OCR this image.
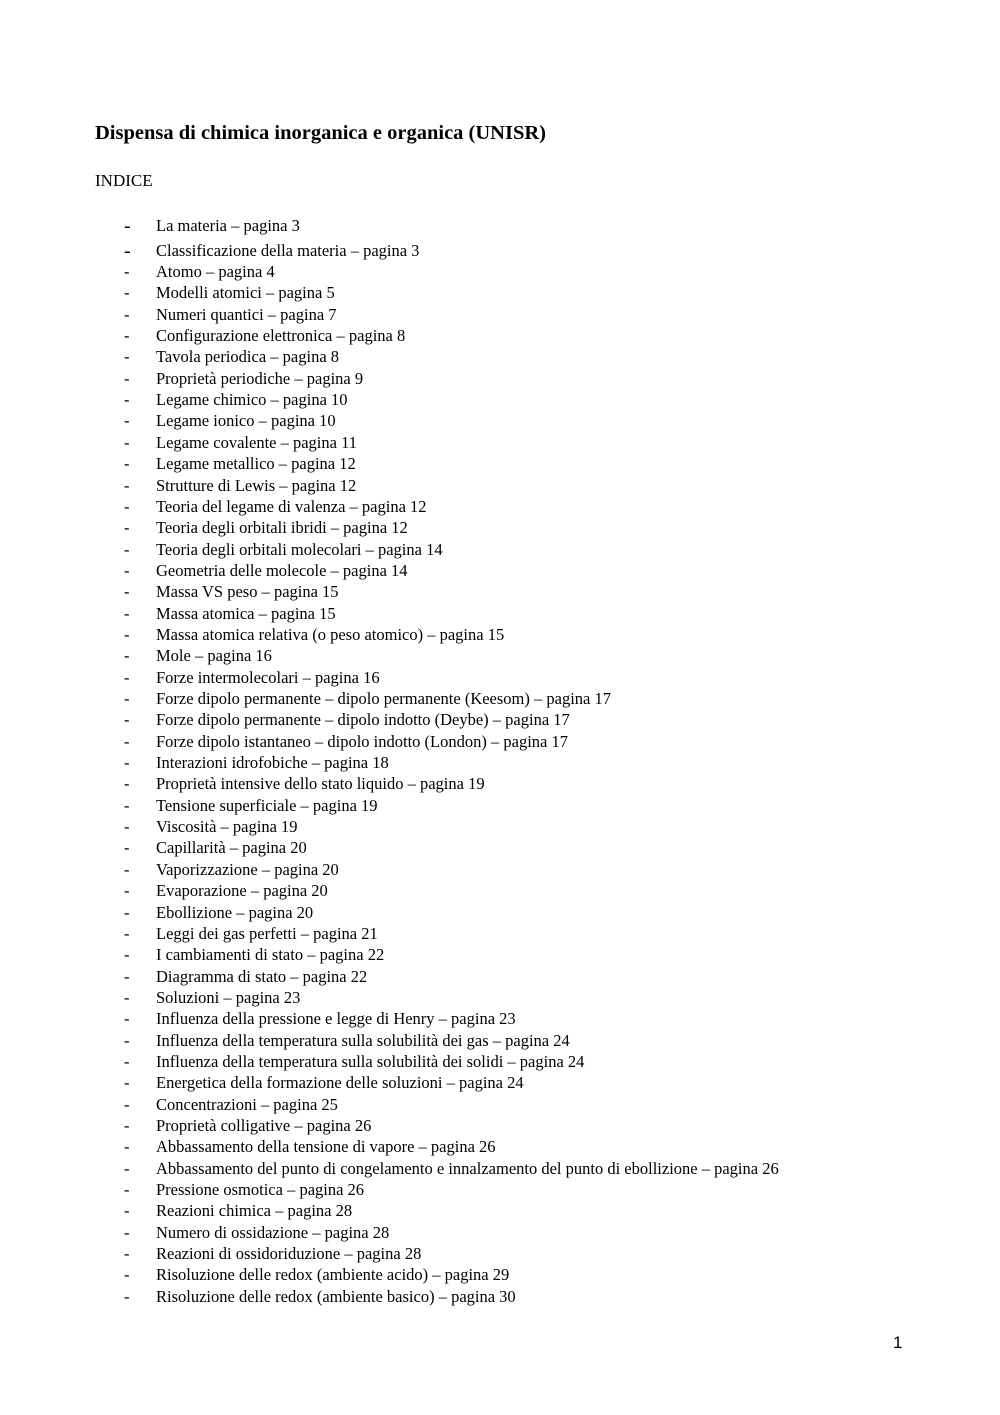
Dispensa di chimica inorganica e organica (UNISR)
INDICE
- La materia – pagina 3
- Classificazione della materia – pagina 3
- Atomo – pagina 4
- Modelli atomici – pagina 5
- Numeri quantici – pagina 7
- Configurazione elettronica – pagina 8
- Tavola periodica – pagina 8
- Proprietà periodiche – pagina 9
- Legame chimico – pagina 10
- Legame ionico – pagina 10
- Legame covalente – pagina 11
- Legame metallico – pagina 12
- Strutture di Lewis – pagina 12
- Teoria del legame di valenza – pagina 12
- Teoria degli orbitali ibridi – pagina 12
- Teoria degli orbitali molecolari – pagina 14
- Geometria delle molecole – pagina 14
- Massa VS peso – pagina 15
- Massa atomica – pagina 15
- Massa atomica relativa (o peso atomico) – pagina 15
- Mole – pagina 16
- Forze intermolecolari – pagina 16
- Forze dipolo permanente – dipolo permanente (Keesom) – pagina 17
- Forze dipolo permanente – dipolo indotto (Deybe) – pagina 17
- Forze dipolo istantaneo – dipolo indotto (London) – pagina 17
- Interazioni idrofobiche – pagina 18
- Proprietà intensive dello stato liquido – pagina 19
- Tensione superficiale – pagina 19
- Viscosità – pagina 19
- Capillarità – pagina 20
- Vaporizzazione – pagina 20
- Evaporazione – pagina 20
- Ebollizione – pagina 20
- Leggi dei gas perfetti – pagina 21
- I cambiamenti di stato – pagina 22
- Diagramma di stato – pagina 22
- Soluzioni – pagina 23
- Influenza della pressione e legge di Henry – pagina 23
- Influenza della temperatura sulla solubilità dei gas – pagina 24
- Influenza della temperatura sulla solubilità dei solidi – pagina 24
- Energetica della formazione delle soluzioni – pagina 24
- Concentrazioni – pagina 25
- Proprietà colligative – pagina 26
- Abbassamento della tensione di vapore – pagina 26
- Abbassamento del punto di congelamento e innalzamento del punto di ebollizione – pagina 26
- Pressione osmotica – pagina 26
- Reazioni chimica – pagina 28
- Numero di ossidazione – pagina 28
- Reazioni di ossidoriduzione – pagina 28
- Risoluzione delle redox (ambiente acido) – pagina 29
- Risoluzione delle redox (ambiente basico) – pagina 30
1
